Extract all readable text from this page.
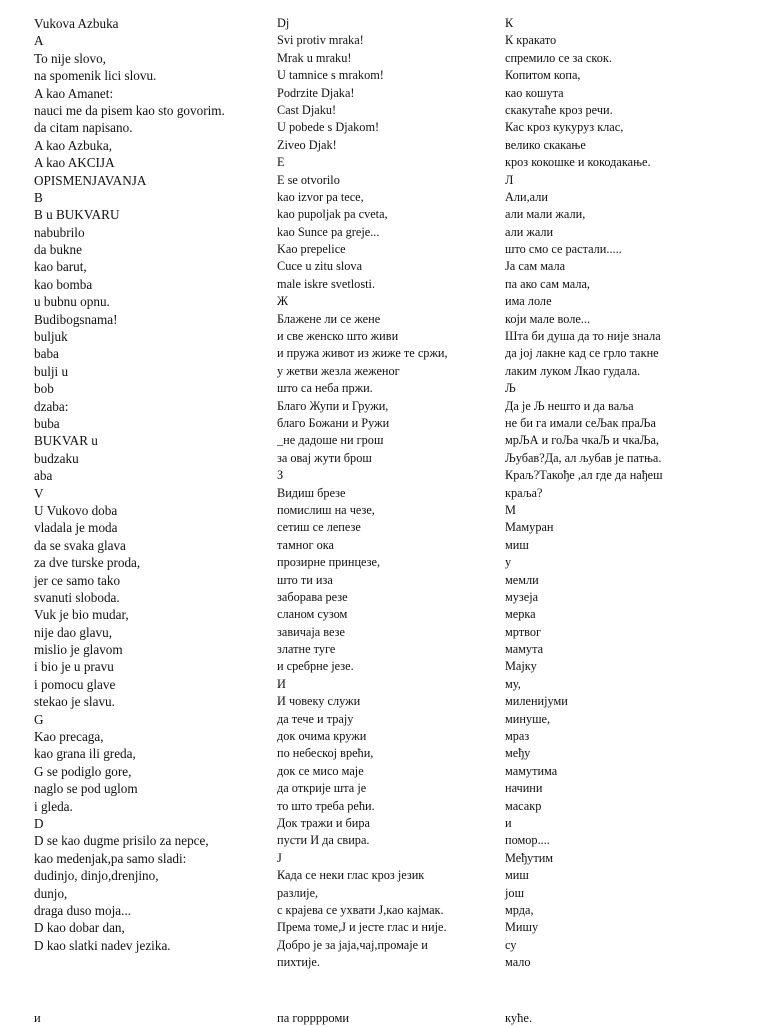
Vukova Azbuka
A
To nije slovo,
na spomenik lici slovu.
A kao Amanet:
nauci me da pisem kao sto govorim.
da citam napisano.
A kao Azbuka,
A kao AKCIJA
OPISMENJAVANJA
B
B u BUKVARU
nabubrilo
da bukne
kao barut,
kao bomba
u bubnu opnu.
Budibogsnama!
buljuk
baba
bulji u
bob
dzaba:
buba
BUKVAR u
budzaku
aba
V
U Vukovo doba
vladala je moda
da se svaka glava
za dve turske proda,
jer ce samo tako
svanuti sloboda.
Vuk je bio mudar,
nije dao glavu,
mislio je glavom
i bio je u pravu
i pomocu glave
stekao je slavu.
G
Kao precaga,
kao grana ili greda,
G se podiglo gore,
naglo se pod uglom
i gleda.
D
D se kao dugme prisilo za nepce,
kao medenjak,pa samo sladi:
dudinjo, dinjo,drenjino,
dunjo,
draga duso moja...
D kao dobar dan,
D kao slatki nadev jezika.
Dj
Svi protiv mraka!
Mrak u mraku!
U tamnice s mrakom!
Podrzite Djaka!
Cast Djaku!
U pobede s Djakom!
Ziveo Djak!
E
E se otvorilo
kao izvor pa tece,
kao pupoljak pa cveta,
kao Sunce pa greje...
Kao prepelice
Cuce u zitu slova
male iskre svetlosti.
Ж
Блажене ли се жене
и све женско што живи
и пружа живот из жиже те сржи,
у жетви жезла жеженог
што са неба пржи.
Благо Жупи и Гружи,
благо Божани и Ружи
_не дадоше ни грош
за овај жути брош
З
Видиш брезе
помислиш на чезе,
сетиш се лепезе
тамног ока
прозирне принцезе,
што ти иза
заборава резе
сланом сузом
завичаја везе
златне туге
и сребрне језе.
И
И човеку служи
да тече и трају
док очима кружи
по небеској врећи,
док се мисо маје
да открије шта је
то што треба рећи.
Док тражи и бира
пусти И да свира.
J
Када се неки глас кроз језик
разлије,
с крајева се ухвати Ј,као кајмак.
Према томе,Ј и јесте глас и није.
Добро је за јаја,чај,промаје и
пихтије.
К
К кракато
спремило се за скок.
Копитом копа,
као кошута
скакутаће кроз речи.
Кас кроз кукуруз клас,
велико скакање
кроз кокошке и кокодакање.
Л
Али,али
али мали жали,
али жали
што смо се растали.....
Ја сам мала
па ако сам мала,
има лоле
који мале воле...
Шта би душа да то није знала
да јој лакне кад се грло такне
лаким луком Лкао гудала.
Љ
Да је Љ нешто и да ваља
не би га имали сеЉак праЉа
мрЉА и гоЉа чкаЉ и чкаЉа,
Љубав?Да, ал љубав је патња.
Краљ?Такође ,ал где да нађеш
краља?
М
Мамуран
миш
у
мемли
музеја
мерка
мртвог
мамута
Мајку
му,
миленијуми
минуше,
мраз
међу
мамутима
начини
масакр
и
помор....
Међутим
миш
још
мрда,
Мишу
су
мало
и	па горррроми	куће.
